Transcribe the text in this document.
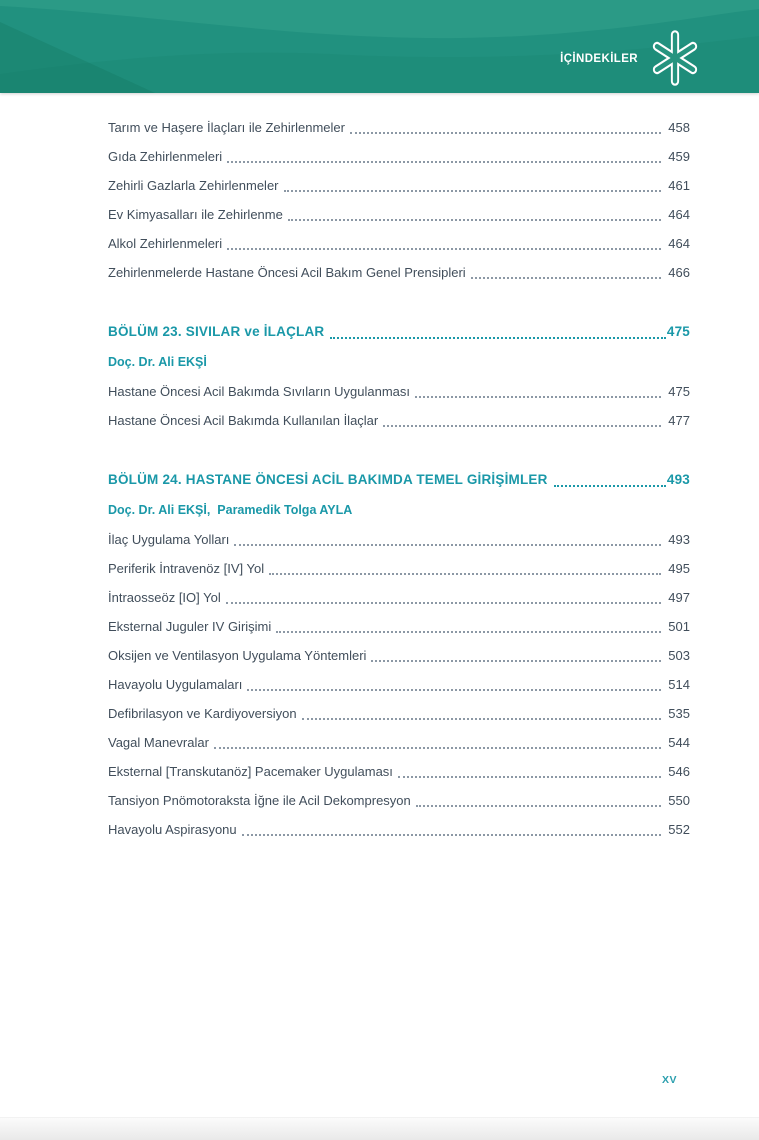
İÇİNDEKİLER
Tarım ve Haşere İlaçları ile Zehirlenmeler	458
Gıda Zehirlenmeleri	459
Zehirli Gazlarla Zehirlenmeler	461
Ev Kimyasalları ile Zehirlenme	464
Alkol Zehirlenmeleri	464
Zehirlenmelerde Hastane Öncesi Acil Bakım Genel Prensipleri	466
BÖLÜM 23. SIVILAR ve İLAÇLAR	475
Doç. Dr. Ali EKŞİ
Hastane Öncesi Acil Bakımda Sıvıların Uygulanması	475
Hastane Öncesi Acil Bakımda Kullanılan İlaçlar	477
BÖLÜM 24. HASTANE ÖNCESİ ACİL BAKIMDA TEMEL GİRİŞİMLER	493
Doç. Dr. Ali EKŞİ,  Paramedik Tolga AYLA
İlaç Uygulama Yolları	493
Periferik İntravenöz [IV] Yol	495
İntraosseöz [IO] Yol	497
Eksternal Juguler IV Girişimi	501
Oksijen ve Ventilasyon Uygulama Yöntemleri	503
Havayolu Uygulamaları	514
Defibrilasyon ve Kardiyoversiyon	535
Vagal Manevralar	544
Eksternal [Transkutanöz] Pacemaker Uygulaması	546
Tansiyon Pnömotoraksta İğne ile Acil Dekompresyon	550
Havayolu Aspirasyonu	552
XV
